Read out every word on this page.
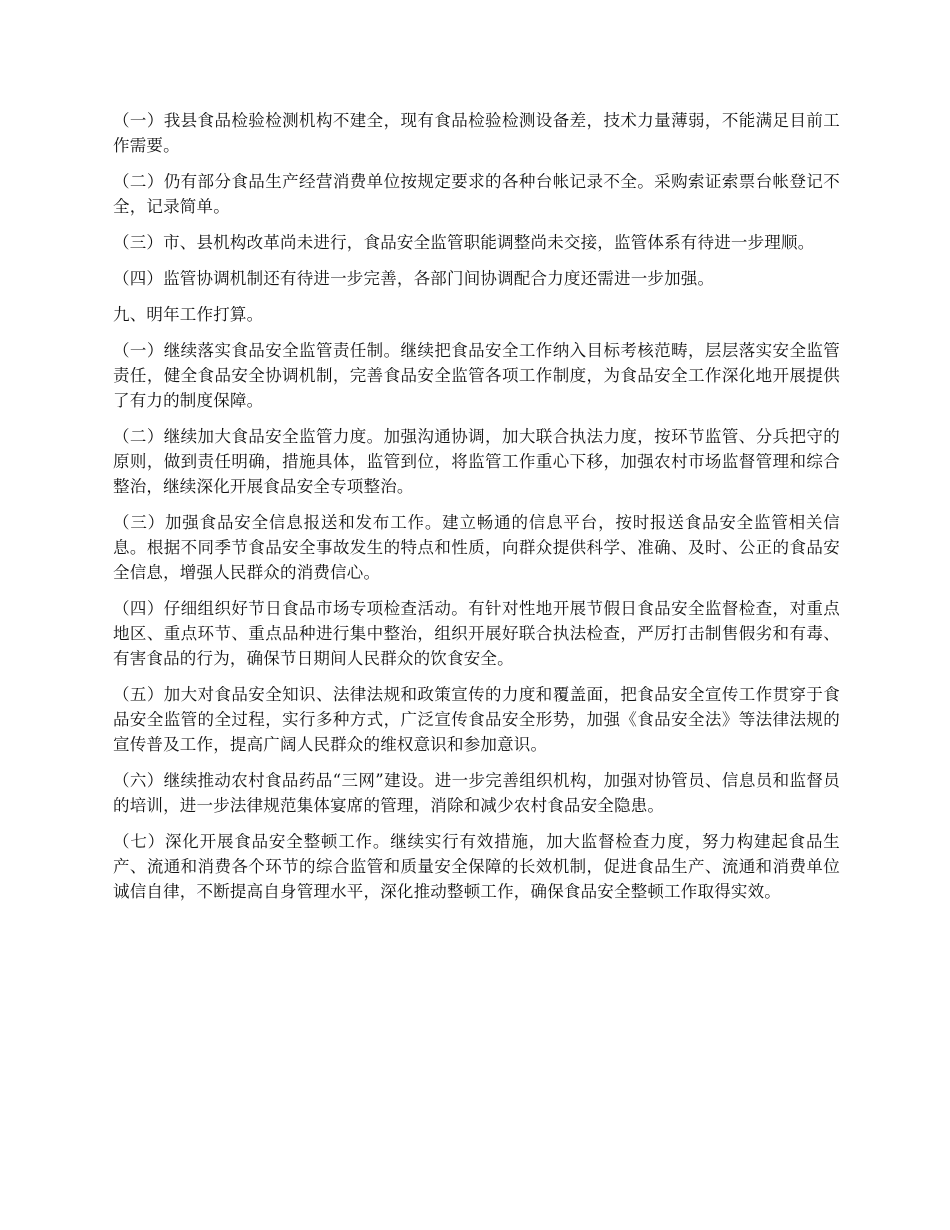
（一）我县食品检验检测机构不建全，现有食品检验检测设备差，技术力量薄弱，不能满足目前工作需要。

（二）仍有部分食品生产经营消费单位按规定要求的各种台帐记录不全。采购索证索票台帐登记不全，记录简单。

（三）市、县机构改革尚未进行，食品安全监管职能调整尚未交接，监管体系有待进一步理顺。

（四）监管协调机制还有待进一步完善，各部门间协调配合力度还需进一步加强。

九、明年工作打算。

（一）继续落实食品安全监管责任制。继续把食品安全工作纳入目标考核范畴，层层落实安全监管责任，健全食品安全协调机制，完善食品安全监管各项工作制度，为食品安全工作深化地开展提供了有力的制度保障。

（二）继续加大食品安全监管力度。加强沟通协调，加大联合执法力度，按环节监管、分兵把守的原则，做到责任明确，措施具体，监管到位，将监管工作重心下移，加强农村市场监督管理和综合整治，继续深化开展食品安全专项整治。

（三）加强食品安全信息报送和发布工作。建立畅通的信息平台，按时报送食品安全监管相关信息。根据不同季节食品安全事故发生的特点和性质，向群众提供科学、准确、及时、公正的食品安全信息，增强人民群众的消费信心。

（四）仔细组织好节日食品市场专项检查活动。有针对性地开展节假日食品安全监督检查，对重点地区、重点环节、重点品种进行集中整治，组织开展好联合执法检查，严厉打击制售假劣和有毒、有害食品的行为，确保节日期间人民群众的饮食安全。

（五）加大对食品安全知识、法律法规和政策宣传的力度和覆盖面，把食品安全宣传工作贯穿于食品安全监管的全过程，实行多种方式，广泛宣传食品安全形势，加强《食品安全法》等法律法规的宣传普及工作，提高广阔人民群众的维权意识和参加意识。

（六）继续推动农村食品药品“三网”建设。进一步完善组织机构，加强对协管员、信息员和监督员的培训，进一步法律规范集体宴席的管理，消除和减少农村食品安全隐患。

（七）深化开展食品安全整顿工作。继续实行有效措施，加大监督检查力度，努力构建起食品生产、流通和消费各个环节的综合监管和质量安全保障的长效机制，促进食品生产、流通和消费单位诚信自律，不断提高自身管理水平，深化推动整顿工作，确保食品安全整顿工作取得实效。
